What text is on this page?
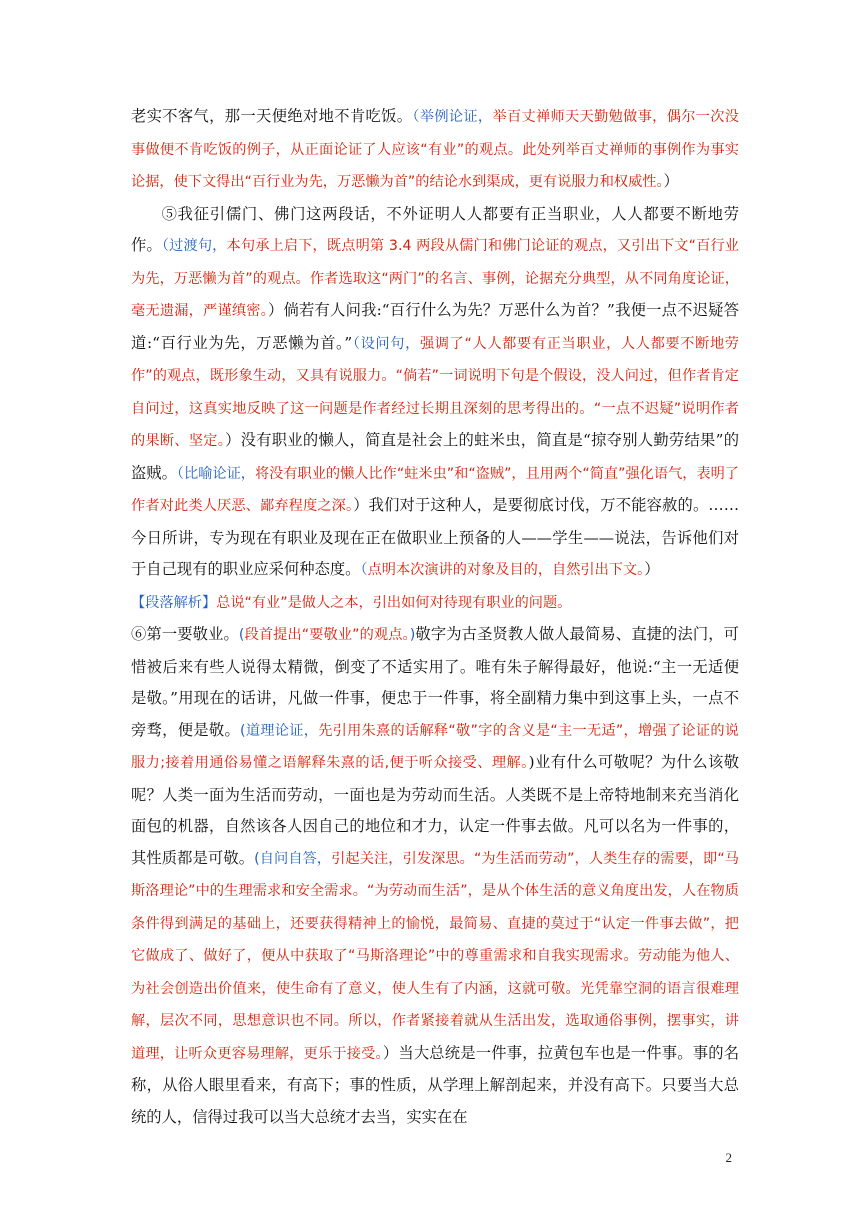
老实不客气，那一天便绝对地不肯吃饭。（举例论证，举百丈禅师天天勤勉做事，偶尔一次没事做便不肯吃饭的例子，从正面论证了人应该“有业”的观点。此处列举百丈禅师的事例作为事实论据，使下文得出“百行业为先，万恶懒为首”的结论水到渠成，更有说服力和权威性。）

⑤我征引儒门、佛门这两段话，不外证明人人都要有正当职业，人人都要不断地劳作。（过渡句，本句承上启下，既点明第 3.4 两段从儒门和佛门论证的观点，又引出下文“百行业为先，万恶懒为首”的观点。作者选取这“两门”的名言、事例，论据充分典型，从不同角度论证，毫无遗漏，严谨缜密。）倘若有人问我:“百行什么为先？万恶什么为首？”我便一点不迟疑答道:“百行业为先，万恶懒为首。”（设问句，强调了“人人都要有正当职业，人人都要不断地劳作”的观点，既形象生动，又具有说服力。“倘若”一词说明下句是个假设，没人问过，但作者肯定自问过，这真实地反映了这一问题是作者经过长期且深刻的思考得出的。“一点不迟疑”说明作者的果断、坚定。）没有职业的懒人，简直是社会上的蛀米虫，简直是“掠夺别人勤劳结果”的盗贼。（比喻论证，将没有职业的懒人比作“蛀米虫”和“盗贼”，且用两个“简直”强化语气，表明了作者对此类人厌恶、鄙弃程度之深。）我们对于这种人，是要彻底讨伐，万不能容赦的。……今日所讲，专为现在有职业及现在正在做职业上预备的人——学生——说法，告诉他们对于自己现有的职业应采何种态度。（点明本次演讲的对象及目的，自然引出下文。）

【段落解析】总说“有业”是做人之本，引出如何对待现有职业的问题。

⑥第一要敬业。(段首提出“要敬业”的观点。)敬字为古圣贤教人做人最简易、直捷的法门，可惜被后来有些人说得太精微，倒变了不适实用了。唯有朱子解得最好，他说:“主一无适便是敬。”用现在的话讲，凡做一件事，便忠于一件事，将全副精力集中到这事上头，一点不旁骛，便是敬。(道理论证，先引用朱熹的话解释“敬”字的含义是“主一无适”，增强了论证的说服力;接着用通俗易懂之语解释朱熹的话,便于听众接受、理解。)业有什么可敬呢？为什么该敬呢？人类一面为生活而劳动，一面也是为劳动而生活。人类既不是上帝特地制来充当消化面包的机器，自然该各人因自己的地位和才力，认定一件事去做。凡可以名为一件事的，其性质都是可敬。(自问自答，引起关注，引发深思。“为生活而劳动”，人类生存的需要，即“马斯洛理论”中的生理需求和安全需求。“为劳动而生活”，是从个体生活的意义角度出发，人在物质条件得到满足的基础上，还要获得精神上的愉悦，最简易、直捷的莫过于“认定一件事去做”，把它做成了、做好了，便从中获取了“马斯洛理论”中的尊重需求和自我实现需求。劳动能为他人、为社会创造出价值来，使生命有了意义，使人生有了内涵，这就可敬。光凭靠空洞的语言很难理解，层次不同，思想意识也不同。所以，作者紧接着就从生活出发，选取通俗事例，摆事实，讲道理，让听众更容易理解，更乐于接受。）当大总统是一件事，拉黄包车也是一件事。事的名称，从俗人眼里看来，有高下；事的性质，从学理上解剖起来，并没有高下。只要当大总统的人，信得过我可以当大总统才去当，实实在在

2
